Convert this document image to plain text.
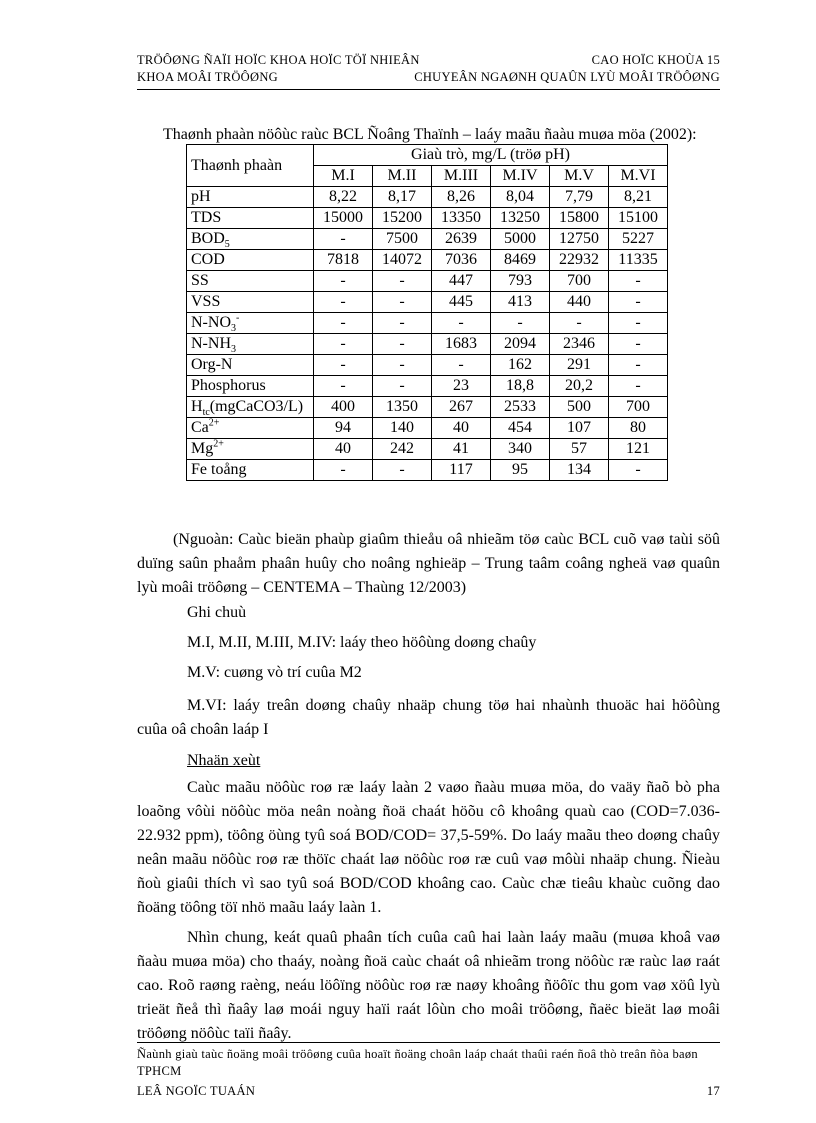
TRÖÔØNG ÑAÏI HOÏC KHOA HOÏC TÖÏ NHIEÂN	CAO HOÏC KHOÙA 15
KHOA MOÂI TRÖÔØNG	CHUYEÂN NGAØNH QUAÛN LYÙ MOÂI TRÖÔØNG
Thaønh phaàn nöôùc raùc BCL Ñoâng Thaïnh – laáy maãu ñaàu muøa möa (2002):
Thaønh phaàn	Giaù trò, mg/L (tröø pH)					
	M.I	M.II	M.III	M.IV	M.V	M.VI
pH	8,22	8,17	8,26	8,04	7,79	8,21
TDS	15000	15200	13350	13250	15800	15100
$BOD_5$	-	7500	2639	5000	12750	5227
COD	7818	14072	7036	8469	22932	11335
SS	-	-	447	793	700	-
VSS	-	-	445	413	440	-
$N-NO_3^-$	-	-	-	-	-	-
$N-NH_3$	-	-	1683	2094	2346	-
Org-N	-	-	-	162	291	-
Phosphorus	-	-	23	18,8	20,2	-
$H_{tc}(mgCaCO3/L)$	400	1350	267	2533	500	700
$Ca^{2+}$	94	140	40	454	107	80
$Mg^{2+}$	40	242	41	340	57	121
Fe toång	-	-	117	95	134	-

(Nguoàn: Caùc bieän phaùp giaûm thieåu oâ nhieãm töø caùc BCL cuõ vaø taùi söû duïng saûn phaåm phaân huûy cho noâng nghieäp – Trung taâm coâng ngheä vaø quaûn lyù moâi tröôøng – CENTEMA – Thaùng 12/2003)

Ghi chuù
M.I, M.II, M.III, M.IV: laáy theo höôùng doøng chaûy
M.V: cuøng vò trí cuûa M2

M.VI: laáy treân doøng chaûy nhaäp chung töø hai nhaùnh thuoäc hai höôùng cuûa oâ choân laáp I

Nhaän xeùt

Caùc maãu nöôùc roø ræ laáy laàn 2 vaøo ñaàu muøa möa, do vaäy ñaõ bò pha loaõng vôùi nöôùc möa neân noàng ñoä chaát höõu cô khoâng quaù cao (COD=7.036-22.932 ppm), töông öùng tyû soá BOD/COD= 37,5-59%. Do laáy maãu theo doøng chaûy neân maãu nöôùc roø ræ thöïc chaát laø nöôùc roø ræ cuû vaø môùi nhaäp chung. Ñieàu ñoù giaûi thích vì sao tyû soá BOD/COD khoâng cao. Caùc chæ tieâu khaùc cuõng dao ñoäng töông töï nhö maãu laáy laàn 1.

Nhìn chung, keát quaû phaân tích cuûa caû hai laàn laáy maãu (muøa khoâ vaø ñaàu muøa möa) cho thaáy, noàng ñoä caùc chaát oâ nhieãm trong nöôùc ræ raùc laø raát cao. Roõ raøng raèng, neáu löôïng nöôùc roø ræ naøy khoâng ñöôïc thu gom vaø xöû lyù trieät ñeå thì ñaây laø moái nguy haïi raát lôùn cho moâi tröôøng, ñaëc bieät laø moâi tröôøng nöôùc taïi ñaây.

Ñaùnh giaù taùc ñoäng moâi tröôøng cuûa hoaït ñoäng choân laáp chaát thaûi raén ñoâ thò treân ñòa baøn TPHCM
LEÂ NGOÏC TUAÁN	17
